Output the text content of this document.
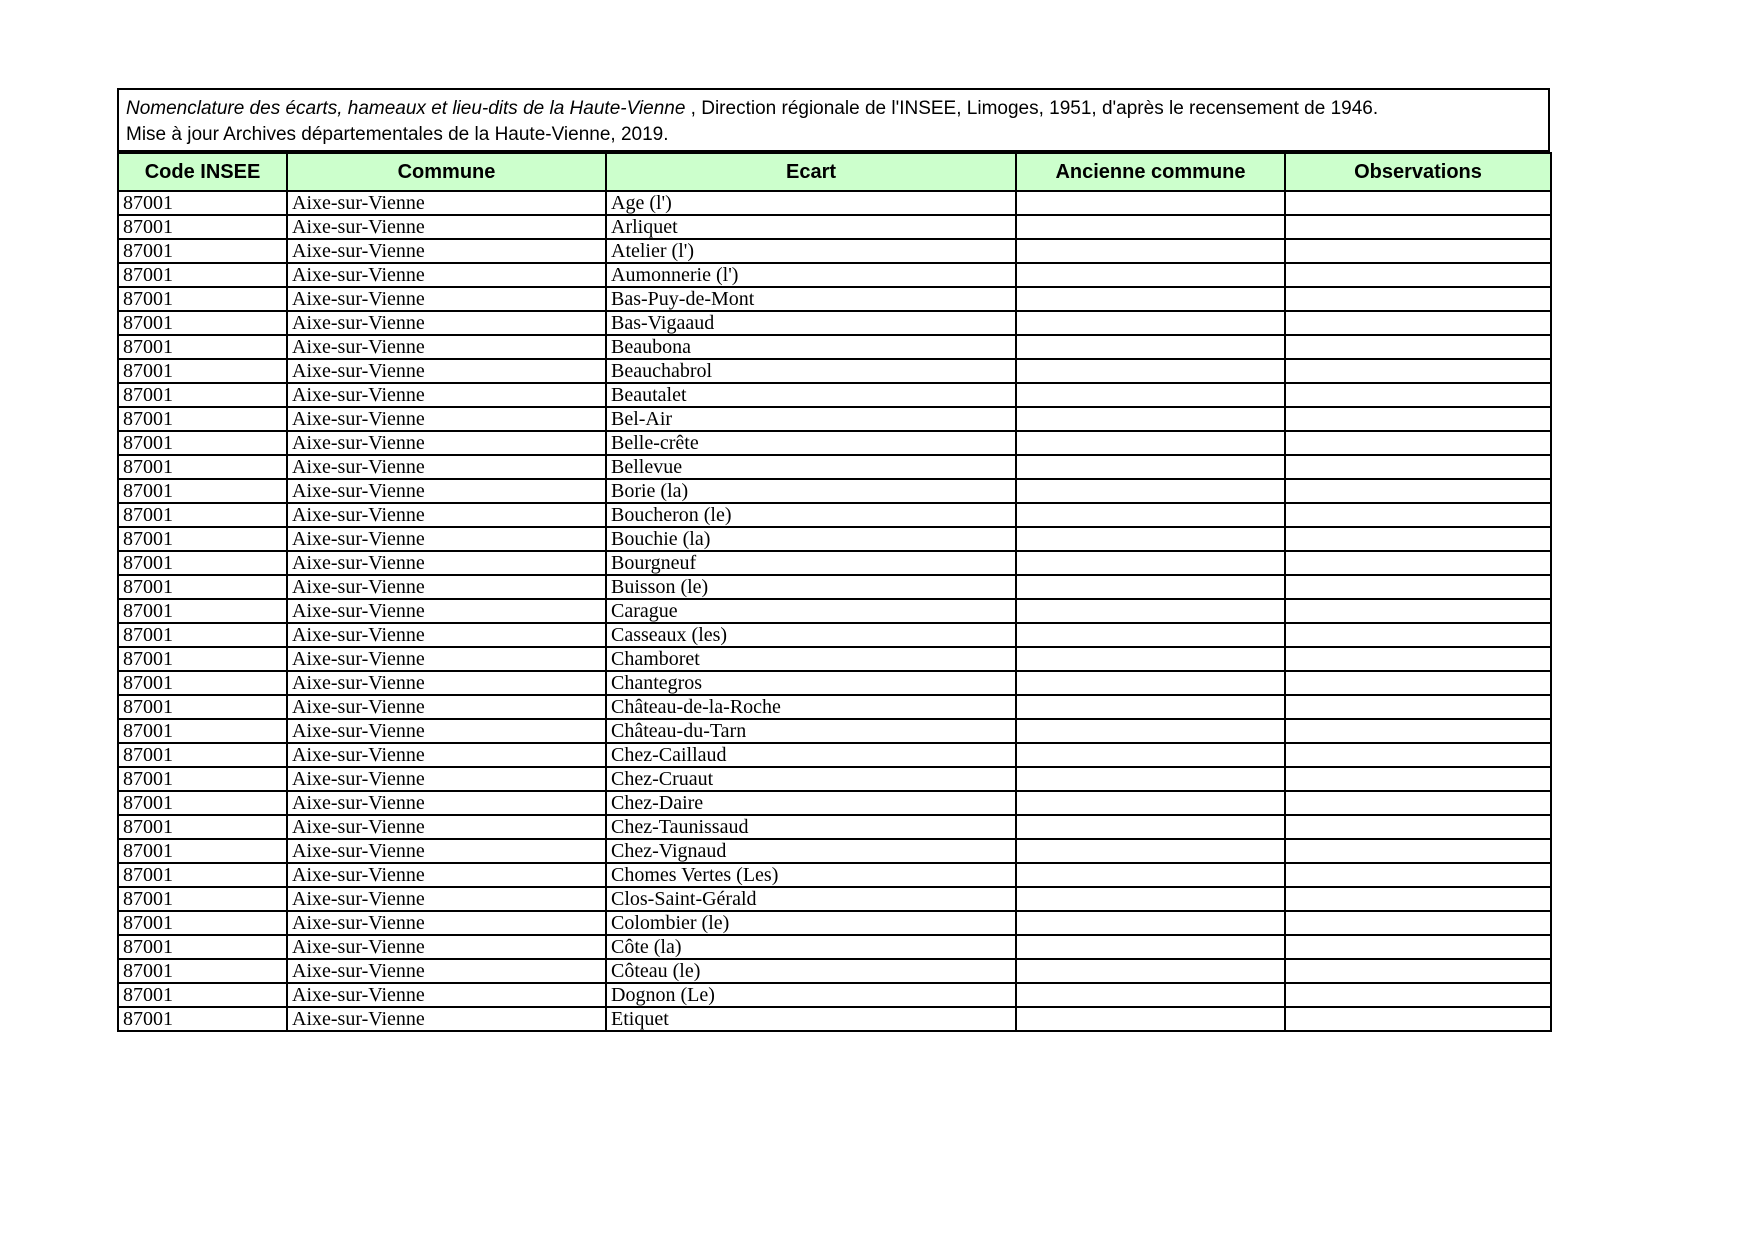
Nomenclature des écarts, hameaux et lieu-dits de la Haute-Vienne , Direction régionale de l'INSEE, Limoges, 1951, d'après le recensement de 1946.
Mise à jour Archives départementales de la Haute-Vienne, 2019.
Code INSEE	Commune	Ecart	Ancienne commune	Observations
87001	Aixe-sur-Vienne	Age (l')		
87001	Aixe-sur-Vienne	Arliquet		
87001	Aixe-sur-Vienne	Atelier (l')		
87001	Aixe-sur-Vienne	Aumonnerie (l')		
87001	Aixe-sur-Vienne	Bas-Puy-de-Mont		
87001	Aixe-sur-Vienne	Bas-Vigaaud		
87001	Aixe-sur-Vienne	Beaubona		
87001	Aixe-sur-Vienne	Beauchabrol		
87001	Aixe-sur-Vienne	Beautalet		
87001	Aixe-sur-Vienne	Bel-Air		
87001	Aixe-sur-Vienne	Belle-crête		
87001	Aixe-sur-Vienne	Bellevue		
87001	Aixe-sur-Vienne	Borie (la)		
87001	Aixe-sur-Vienne	Boucheron (le)		
87001	Aixe-sur-Vienne	Bouchie (la)		
87001	Aixe-sur-Vienne	Bourgneuf		
87001	Aixe-sur-Vienne	Buisson (le)		
87001	Aixe-sur-Vienne	Carague		
87001	Aixe-sur-Vienne	Casseaux (les)		
87001	Aixe-sur-Vienne	Chamboret		
87001	Aixe-sur-Vienne	Chantegros		
87001	Aixe-sur-Vienne	Château-de-la-Roche		
87001	Aixe-sur-Vienne	Château-du-Tarn		
87001	Aixe-sur-Vienne	Chez-Caillaud		
87001	Aixe-sur-Vienne	Chez-Cruaut		
87001	Aixe-sur-Vienne	Chez-Daire		
87001	Aixe-sur-Vienne	Chez-Taunissaud		
87001	Aixe-sur-Vienne	Chez-Vignaud		
87001	Aixe-sur-Vienne	Chomes Vertes (Les)		
87001	Aixe-sur-Vienne	Clos-Saint-Gérald		
87001	Aixe-sur-Vienne	Colombier (le)		
87001	Aixe-sur-Vienne	Côte (la)		
87001	Aixe-sur-Vienne	Côteau (le)		
87001	Aixe-sur-Vienne	Dognon (Le)		
87001	Aixe-sur-Vienne	Etiquet		
